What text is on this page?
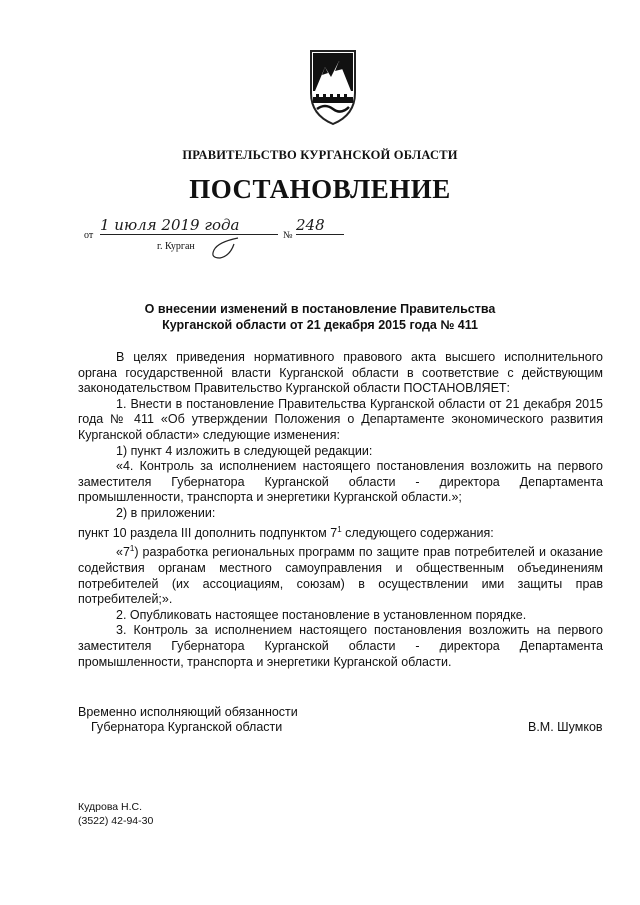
ПРАВИТЕЛЬСТВО КУРГАНСКОЙ ОБЛАСТИ
ПОСТАНОВЛЕНИЕ
от
1 июля 2019 года
№
248
г. Курган
О внесении изменений в постановление Правительства
Курганской области от 21 декабря 2015 года № 411

В целях приведения нормативного правового акта высшего исполнительного органа государственной власти Курганской области в соответствие с действующим законодательством Правительство Курганской области ПОСТАНОВЛЯЕТ:

1. Внести в постановление Правительства Курганской области от 21 декабря 2015 года № 411 «Об утверждении Положения о Департаменте экономического развития Курганской области» следующие изменения:

1) пункт 4 изложить в следующей редакции:

«4. Контроль за исполнением настоящего постановления возложить на первого заместителя Губернатора Курганской области - директора Департамента промышленности, транспорта и энергетики Курганской области.»;

2) в приложении:

пункт 10 раздела III дополнить подпунктом $7^1$ следующего содержания:

«$7^1$) разработка региональных программ по защите прав потребителей и оказание содействия органам местного самоуправления и общественным объединениям потребителей (их ассоциациям, союзам) в осуществлении ими защиты прав потребителей;».

2. Опубликовать настоящее постановление в установленном порядке.

3. Контроль за исполнением настоящего постановления возложить на первого заместителя Губернатора Курганской области - директора Департамента промышленности, транспорта и энергетики Курганской области.

Временно исполняющий обязанности
Губернатора Курганской области	В.М. Шумков
Кудрова Н.С.
(3522) 42-94-30
